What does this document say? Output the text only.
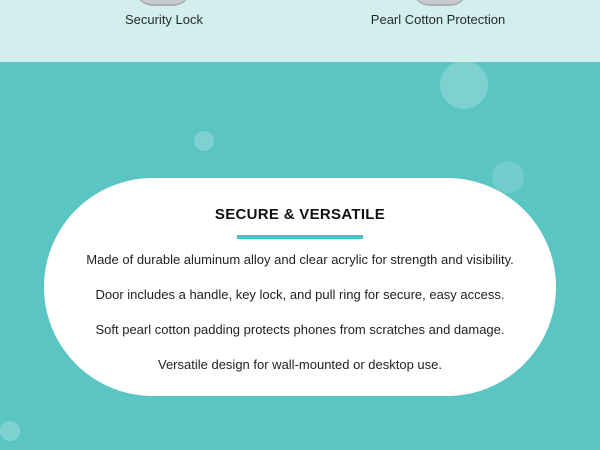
Security Lock	Pearl Cotton Protection
SECURE & VERSATILE
Made of durable aluminum alloy and clear acrylic for strength and visibility.
Door includes a handle, key lock, and pull ring for secure, easy access.
Soft pearl cotton padding protects phones from scratches and damage.
Versatile design for wall-mounted or desktop use.
